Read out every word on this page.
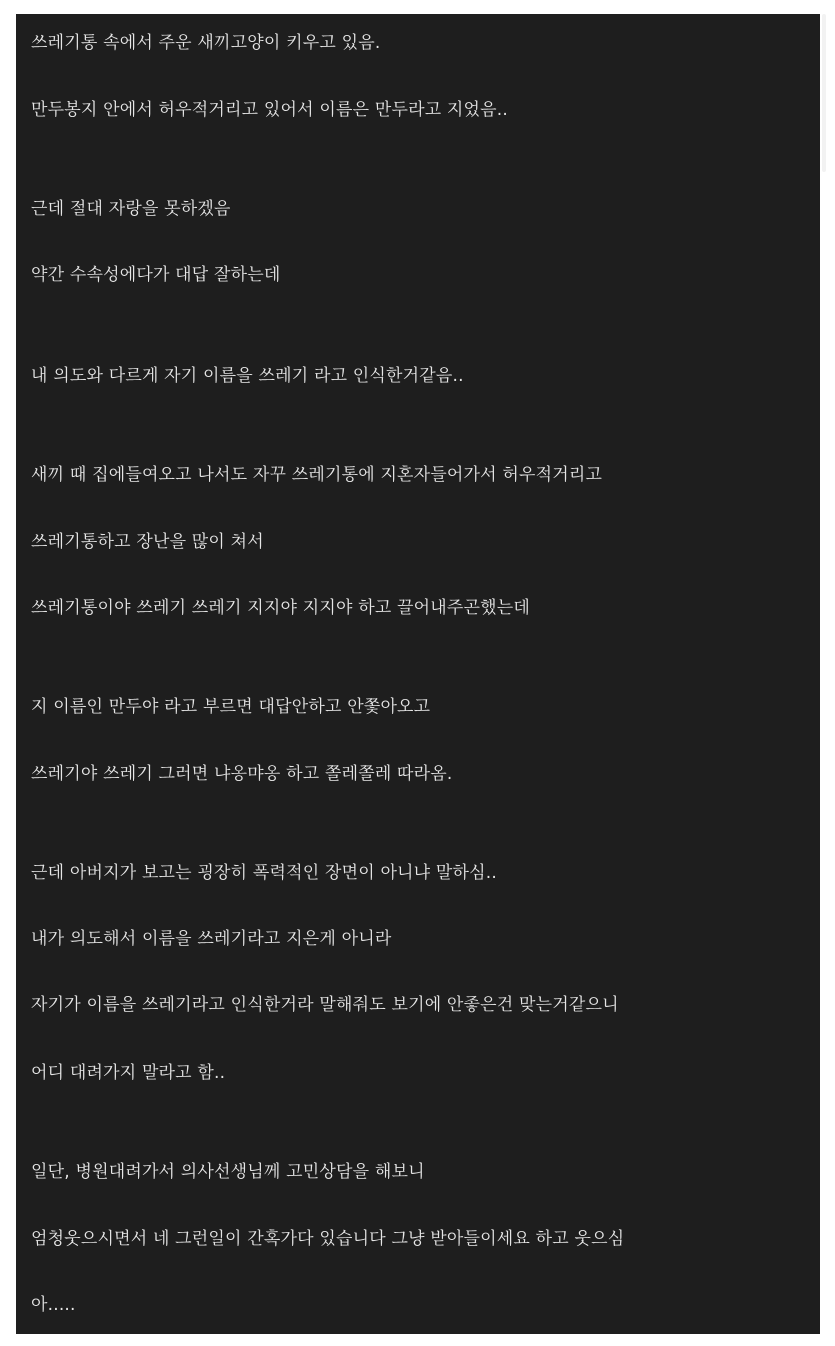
쓰레기통 속에서 주운 새끼고양이 키우고 있음.

만두봉지 안에서 허우적거리고 있어서 이름은 만두라고 지었음..

근데 절대 자랑을 못하겠음

약간 수속성에다가 대답 잘하는데

내 의도와 다르게 자기 이름을 쓰레기 라고 인식한거같음..

새끼 때 집에들여오고 나서도 자꾸 쓰레기통에 지혼자들어가서 허우적거리고

쓰레기통하고 장난을 많이 쳐서

쓰레기통이야 쓰레기 쓰레기 지지야 지지야 하고 끌어내주곤했는데

지 이름인 만두야 라고 부르면 대답안하고 안쫓아오고

쓰레기야 쓰레기 그러면 냐옹먀옹 하고 쫄레쫄레 따라옴.

근데 아버지가 보고는 굉장히 폭력적인 장면이 아니냐 말하심..

내가 의도해서 이름을 쓰레기라고 지은게 아니라

자기가 이름을 쓰레기라고 인식한거라 말해줘도 보기에 안좋은건 맞는거같으니

어디 대려가지 말라고 함..

일단, 병원대려가서 의사선생님께 고민상담을 해보니

엄청웃으시면서 네 그런일이 간혹가다 있습니다 그냥 받아들이세요 하고 웃으심

아.....
